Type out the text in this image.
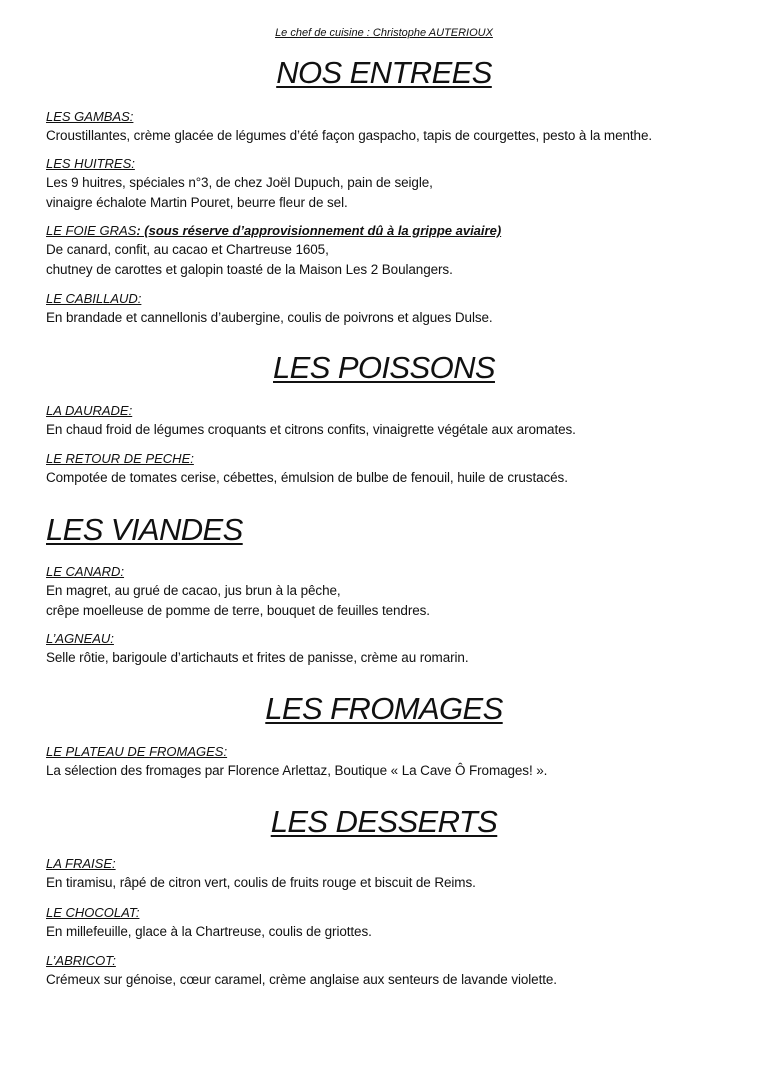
Le chef de cuisine : Christophe AUTERIOUX
NOS ENTREES
LES GAMBAS:
Croustillantes, crème glacée de légumes d’été façon gaspacho, tapis de courgettes, pesto à la menthe.
LES HUITRES:
Les 9 huitres, spéciales n°3, de chez Joël Dupuch, pain de seigle,
vinaigre échalote Martin Pouret, beurre fleur de sel.
LE FOIE GRAS: (sous réserve d’approvisionnement dû à la grippe aviaire)
De canard, confit, au cacao et Chartreuse 1605,
chutney de carottes et galopin toasté de la Maison Les 2 Boulangers.
LE CABILLAUD:
En brandade et cannellonis d’aubergine, coulis de poivrons et algues Dulse.
LES POISSONS
LA DAURADE:
En chaud froid de légumes croquants et citrons confits, vinaigrette végétale aux aromates.
LE RETOUR DE PECHE:
Compotée de tomates cerise, cébettes, émulsion de bulbe de fenouil, huile de crustacés.
LES VIANDES
LE CANARD:
En magret, au grué de cacao, jus brun à la pêche,
crêpe moelleuse de pomme de terre, bouquet de feuilles tendres.
L’AGNEAU:
Selle rôtie, barigoule d’artichauts et frites de panisse, crème au romarin.
LES FROMAGES
LE PLATEAU DE FROMAGES:
La sélection des fromages par Florence Arlettaz, Boutique « La Cave Ô Fromages! ».
LES DESSERTS
LA FRAISE:
En tiramisu, râpé de citron vert, coulis de fruits rouge et biscuit de Reims.
LE CHOCOLAT:
En millefeuille, glace à la Chartreuse, coulis de griottes.
L’ABRICOT:
Crémeux sur génoise, cœur caramel, crème anglaise aux senteurs de lavande violette.
